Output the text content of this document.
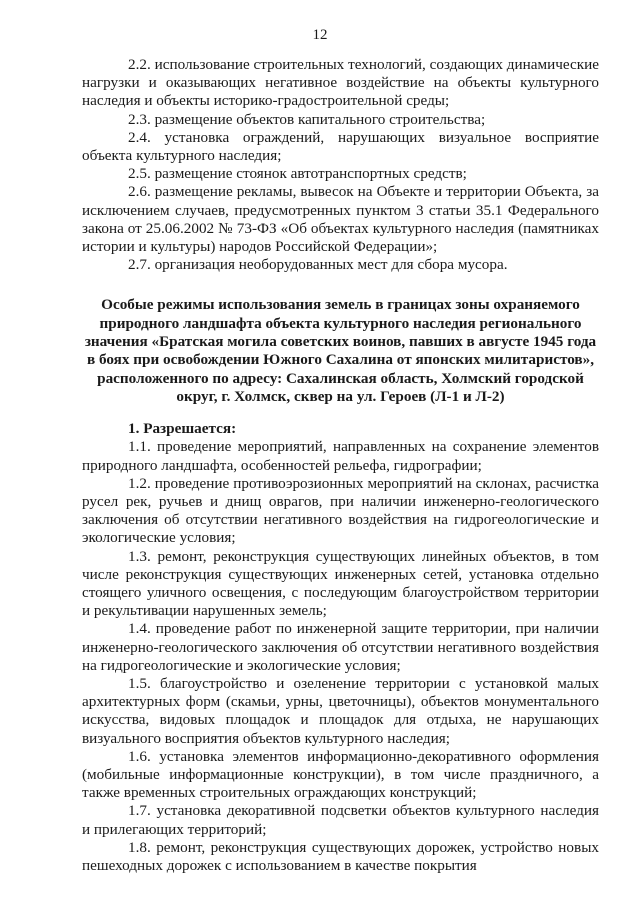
12

2.2. использование строительных технологий, создающих динамические нагрузки и оказывающих негативное воздействие на объекты культурного наследия и объекты историко-градостроительной среды;

2.3. размещение объектов капитального строительства;

2.4. установка ограждений, нарушающих визуальное восприятие объекта культурного наследия;

2.5. размещение стоянок автотранспортных средств;

2.6. размещение рекламы, вывесок на Объекте и территории Объекта, за исключением случаев, предусмотренных пунктом 3 статьи 35.1 Федерального закона от 25.06.2002 № 73-ФЗ «Об объектах культурного наследия (памятниках истории и культуры) народов Российской Федерации»;

2.7. организация необорудованных мест для сбора мусора.

Особые режимы использования земель в границах зоны охраняемого природного ландшафта объекта культурного наследия регионального значения «Братская могила советских воинов, павших в августе 1945 года в боях при освобождении Южного Сахалина от японских милитаристов», расположенного по адресу: Сахалинская область, Холмский городской округ, г. Холмск, сквер на ул. Героев (Л-1 и Л-2)

1. Разрешается:

1.1. проведение мероприятий, направленных на сохранение элементов природного ландшафта, особенностей рельефа, гидрографии;

1.2. проведение противоэрозионных мероприятий на склонах, расчистка русел рек, ручьев и днищ оврагов, при наличии инженерно-геологического заключения об отсутствии негативного воздействия на гидрогеологические и экологические условия;

1.3. ремонт, реконструкция существующих линейных объектов, в том числе реконструкция существующих инженерных сетей, установка отдельно стоящего уличного освещения, с последующим благоустройством территории и рекультивации нарушенных земель;

1.4. проведение работ по инженерной защите территории, при наличии инженерно-геологического заключения об отсутствии негативного воздействия на гидрогеологические и экологические условия;

1.5. благоустройство и озеленение территории с установкой малых архитектурных форм (скамьи, урны, цветочницы), объектов монументального искусства, видовых площадок и площадок для отдыха, не нарушающих визуального восприятия объектов культурного наследия;

1.6. установка элементов информационно-декоративного оформления (мобильные информационные конструкции), в том числе праздничного, а также временных строительных ограждающих конструкций;

1.7. установка декоративной подсветки объектов культурного наследия и прилегающих территорий;

1.8. ремонт, реконструкция существующих дорожек, устройство новых пешеходных дорожек с использованием в качестве покрытия
